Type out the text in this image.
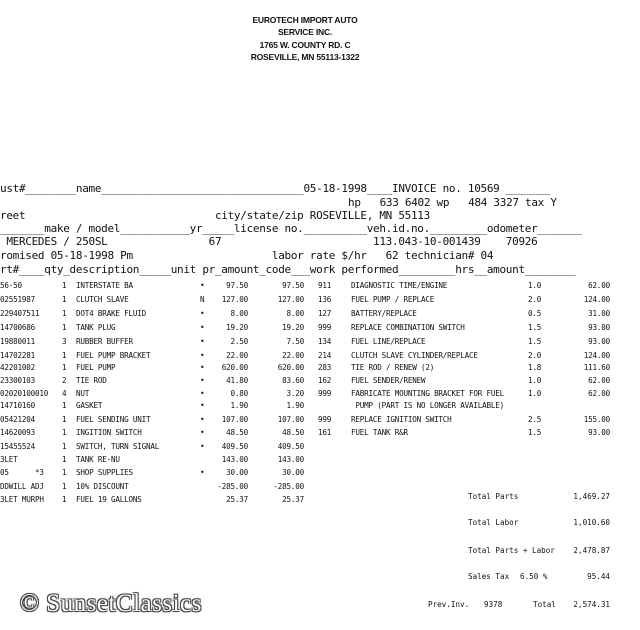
EUROTECH IMPORT AUTO
SERVICE INC.
1765 W. COUNTY RD. C
ROSEVILLE, MN 55113-1322
ust#________name________________________________05-18-1998____INVOICE no. 10569 _______
hp   633 6402 wp   484 3327 tax Y
reet                              city/state/zip ROSEVILLE, MN 55113
_______make / model___________yr_____license no.__________veh.id.no._________odometer_______
MERCEDES / 250SL                67                        113.043-10-001439    70926
romised 05-18-1998 Pm                      labor rate $/hr   62 technician# 04
rt#____qty_description_____unit pr_amount_code___work performed_________hrs__amount________
56-50	1	INTERSTATE BA	•	97.50	97.50
02551987	1	CLUTCH SLAVE	N	127.00	127.00
229407511	1	DOT4 BRAKE FLUID	•	8.00	8.00
14700686	1	TANK PLUG	•	19.20	19.20
19880011	3	RUBBER BUFFER	•	2.50	7.50
14702281	1	FUEL PUMP BRACKET	•	22.00	22.00
42201002	1	FUEL PUMP	•	620.00	620.00
23300103	2	TIE ROD	•	41.80	83.60
02020100010	4	NUT	•	0.80	3.20
14710160	1	GASKET	•	1.90	1.90
05421204	1	FUEL SENDING UNIT	•	107.00	107.00
14620093	1	INGITION SWITCH	•	48.50	48.50
15455524	1	SWITCH, TURN SIGNAL	•	409.50	409.50
3LET	1	TANK RE-NU	143.00	143.00
05      *3	1	SHOP SUPPLIES	•	30.00	30.00
DDWILL ADJ	1	10% DISCOUNT	-285.00	-285.00
3LET MURPH	1	FUEL 19 GALLONS	25.37	25.37
911	DIAGNOSTIC TIME/ENGINE	1.0	62.00
136	FUEL PUMP / REPLACE	2.0	124.00
127	BATTERY/REPLACE	0.5	31.00
999	REPLACE COMBINATION SWITCH	1.5	93.00
134	FUEL LINE/REPLACE	1.5	93.00
214	CLUTCH SLAVE CYLINDER/REPLACE	2.0	124.00
283	TIE ROD / RENEW (2)	1.8	111.60
162	FUEL SENDER/RENEW	1.0	62.00
999	FABRICATE MOUNTING BRACKET FOR FUEL	1.0	62.00
PUMP (PART IS NO LONGER AVAILABLE)
999	REPLACE IGNITION SWITCH	2.5	155.00
161	FUEL TANK R&R	1.5	93.00
Total Parts	1,469.27
Total Labor	1,010.60
Total Parts + Labor	2,478.87
Sales Tax 6.50 %	95.44
Prev.Inv. 9378	Total	2,574.31
© SunsetClassics
